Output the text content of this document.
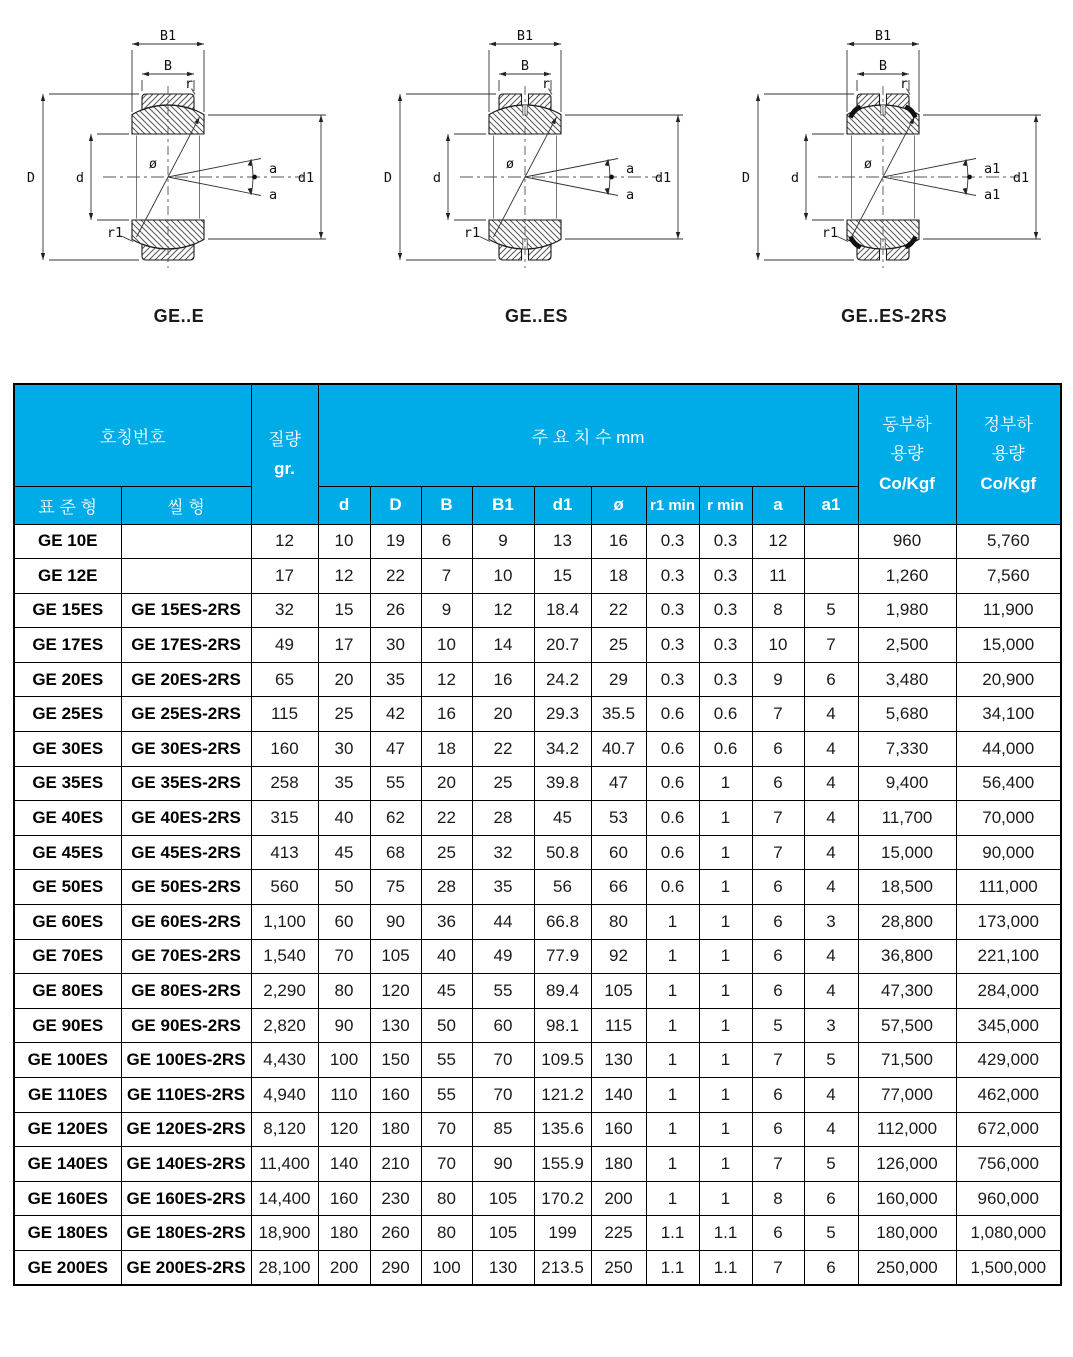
B1
B
r
D	d
ø
d1
a
a
r1
GE..E
B1
B
r
D	d
ø
d1
a
a
r1
GE..ES
B1
B
r
D	d
ø
d1
a1
a1
r1
GE..ES-2RS
호칭번호		질량
gr.	주 요 치 수 mm										동부하
용량
Co/Kgf	정부하
용량
Co/Kgf

표 준 형	씰 형		d	D	B	B1	d1	ø	r1 min	r min	a	a1		
GE 10E		12	10	19	6	9	13	16	0.3	0.3	12		960	5,760
GE 12E		17	12	22	7	10	15	18	0.3	0.3	11		1,260	7,560
GE 15ES	GE 15ES-2RS	32	15	26	9	12	18.4	22	0.3	0.3	8	5	1,980	11,900
GE 17ES	GE 17ES-2RS	49	17	30	10	14	20.7	25	0.3	0.3	10	7	2,500	15,000
GE 20ES	GE 20ES-2RS	65	20	35	12	16	24.2	29	0.3	0.3	9	6	3,480	20,900
GE 25ES	GE 25ES-2RS	115	25	42	16	20	29.3	35.5	0.6	0.6	7	4	5,680	34,100
GE 30ES	GE 30ES-2RS	160	30	47	18	22	34.2	40.7	0.6	0.6	6	4	7,330	44,000
GE 35ES	GE 35ES-2RS	258	35	55	20	25	39.8	47	0.6	1	6	4	9,400	56,400
GE 40ES	GE 40ES-2RS	315	40	62	22	28	45	53	0.6	1	7	4	11,700	70,000
GE 45ES	GE 45ES-2RS	413	45	68	25	32	50.8	60	0.6	1	7	4	15,000	90,000
GE 50ES	GE 50ES-2RS	560	50	75	28	35	56	66	0.6	1	6	4	18,500	111,000
GE 60ES	GE 60ES-2RS	1,100	60	90	36	44	66.8	80	1	1	6	3	28,800	173,000
GE 70ES	GE 70ES-2RS	1,540	70	105	40	49	77.9	92	1	1	6	4	36,800	221,100
GE 80ES	GE 80ES-2RS	2,290	80	120	45	55	89.4	105	1	1	6	4	47,300	284,000
GE 90ES	GE 90ES-2RS	2,820	90	130	50	60	98.1	115	1	1	5	3	57,500	345,000
GE 100ES	GE 100ES-2RS	4,430	100	150	55	70	109.5	130	1	1	7	5	71,500	429,000
GE 110ES	GE 110ES-2RS	4,940	110	160	55	70	121.2	140	1	1	6	4	77,000	462,000
GE 120ES	GE 120ES-2RS	8,120	120	180	70	85	135.6	160	1	1	6	4	112,000	672,000
GE 140ES	GE 140ES-2RS	11,400	140	210	70	90	155.9	180	1	1	7	5	126,000	756,000
GE 160ES	GE 160ES-2RS	14,400	160	230	80	105	170.2	200	1	1	8	6	160,000	960,000
GE 180ES	GE 180ES-2RS	18,900	180	260	80	105	199	225	1.1	1.1	6	5	180,000	1,080,000
GE 200ES	GE 200ES-2RS	28,100	200	290	100	130	213.5	250	1.1	1.1	7	6	250,000	1,500,000
